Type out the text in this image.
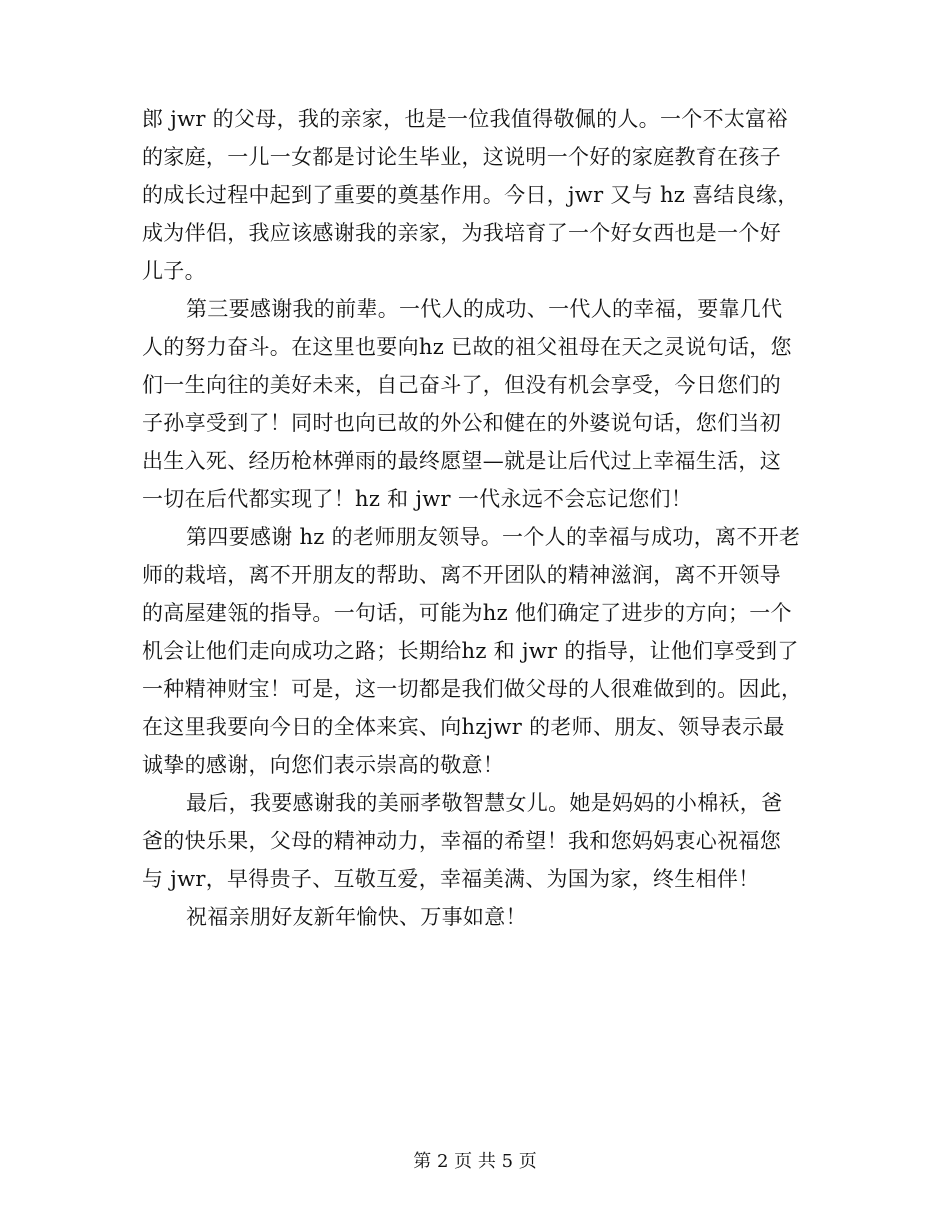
郎 jwr 的父母，我的亲家，也是一位我值得敬佩的人。一个不太富裕
的家庭，一儿一女都是讨论生毕业，这说明一个好的家庭教育在孩子
的成长过程中起到了重要的奠基作用。今日，jwr 又与 hz 喜结良缘，
成为伴侣，我应该感谢我的亲家，为我培育了一个好女西也是一个好
儿子。
第三要感谢我的前辈。一代人的成功、一代人的幸福，要靠几代
人的努力奋斗。在这里也要向hz 已故的祖父祖母在天之灵说句话，您
们一生向往的美好未来，自己奋斗了，但没有机会享受，今日您们的
子孙享受到了！同时也向已故的外公和健在的外婆说句话，您们当初
出生入死、经历枪林弹雨的最终愿望—就是让后代过上幸福生活，这
一切在后代都实现了！hz 和 jwr 一代永远不会忘记您们！
第四要感谢 hz 的老师朋友领导。一个人的幸福与成功，离不开老
师的栽培，离不开朋友的帮助、离不开团队的精神滋润，离不开领导
的高屋建瓴的指导。一句话，可能为hz 他们确定了进步的方向；一个
机会让他们走向成功之路；长期给hz 和 jwr 的指导，让他们享受到了
一种精神财宝！可是，这一切都是我们做父母的人很难做到的。因此，
在这里我要向今日的全体来宾、向hzjwr 的老师、朋友、领导表示最
诚挚的感谢，向您们表示崇高的敬意！
最后，我要感谢我的美丽孝敬智慧女儿。她是妈妈的小棉袄，爸
爸的快乐果，父母的精神动力，幸福的希望！我和您妈妈衷心祝福您
与 jwr，早得贵子、互敬互爱，幸福美满、为国为家，终生相伴！
祝福亲朋好友新年愉快、万事如意！
第 2 页 共 5 页
